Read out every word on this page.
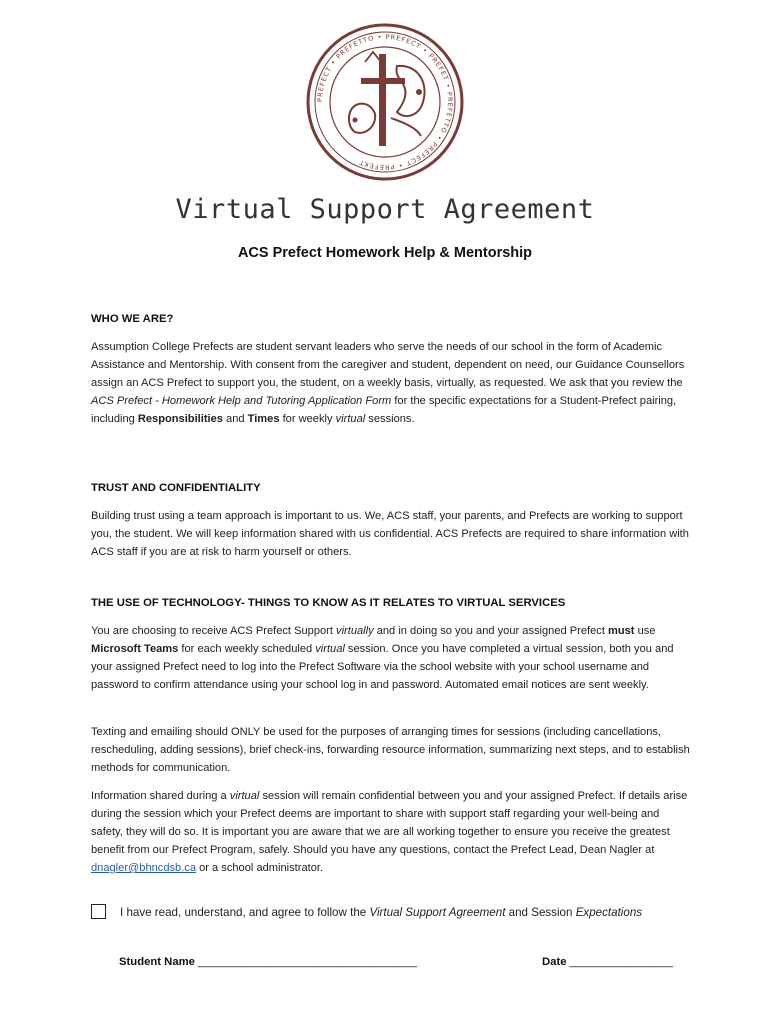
PREFECT • PREFETTO • PREFECT • PREFET • PREFETTO • PREFECT • PREFEKT
Virtual Support Agreement
ACS Prefect Homework Help & Mentorship

WHO WE ARE?

Assumption College Prefects are student servant leaders who serve the needs of our school in the form of Academic Assistance and Mentorship. With consent from the caregiver and student, dependent on need, our Guidance Counsellors assign an ACS Prefect to support you, the student, on a weekly basis, virtually, as requested. We ask that you review the ACS Prefect - Homework Help and Tutoring Application Form for the specific expectations for a Student-Prefect pairing, including Responsibilities and Times for weekly virtual sessions.

TRUST AND CONFIDENTIALITY

Building trust using a team approach is important to us. We, ACS staff, your parents, and Prefects are working to support you, the student. We will keep information shared with us confidential. ACS Prefects are required to share information with ACS staff if you are at risk to harm yourself or others.

THE USE OF TECHNOLOGY- THINGS TO KNOW AS IT RELATES TO VIRTUAL SERVICES

You are choosing to receive ACS Prefect Support virtually and in doing so you and your assigned Prefect must use Microsoft Teams for each weekly scheduled virtual session. Once you have completed a virtual session, both you and your assigned Prefect need to log into the Prefect Software via the school website with your school username and password to confirm attendance using your school log in and password. Automated email notices are sent weekly.

Texting and emailing should ONLY be used for the purposes of arranging times for sessions (including cancellations, rescheduling, adding sessions), brief check-ins, forwarding resource information, summarizing next steps, and to establish methods for communication.

Information shared during a virtual session will remain confidential between you and your assigned Prefect. If details arise during the session which your Prefect deems are important to share with support staff regarding your well-being and safety, they will do so. It is important you are aware that we are all working together to ensure you receive the greatest benefit from our Prefect Program, safely. Should you have any questions, contact the Prefect Lead, Dean Nagler at dnagler@bhncdsb.ca or a school administrator.

I have read, understand, and agree to follow the Virtual Support Agreement and Session Expectations
Student Name ____________________________________	Date _________________
